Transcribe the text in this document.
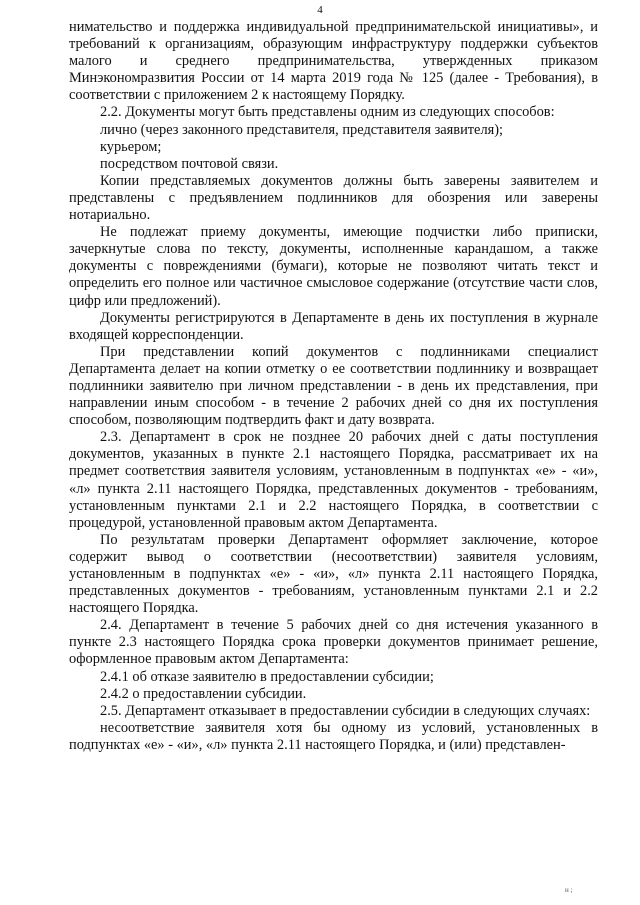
4

нимательство и поддержка индивидуальной предпринимательской инициативы», и требований к организациям, образующим инфраструктуру поддержки субъектов малого и среднего предпринимательства, утвержденных приказом Минэкономразвития России от 14 марта 2019 года № 125 (далее - Требования), в соответствии с приложением 2 к настоящему Порядку.

2.2. Документы могут быть представлены одним из следующих способов:

лично (через законного представителя, представителя заявителя);

курьером;

посредством почтовой связи.

Копии представляемых документов должны быть заверены заявителем и представлены с предъявлением подлинников для обозрения или заверены нотариально.

Не подлежат приему документы, имеющие подчистки либо приписки, зачеркнутые слова по тексту, документы, исполненные карандашом, а также документы с повреждениями (бумаги), которые не позволяют читать текст и определить его полное или частичное смысловое содержание (отсутствие части слов, цифр или предложений).

Документы регистрируются в Департаменте в день их поступления в журнале входящей корреспонденции.

При представлении копий документов с подлинниками специалист Департамента делает на копии отметку о ее соответствии подлиннику и возвращает подлинники заявителю при личном представлении - в день их представления, при направлении иным способом - в течение 2 рабочих дней со дня их поступления способом, позволяющим подтвердить факт и дату возврата.

2.3. Департамент в срок не позднее 20 рабочих дней с даты поступления документов, указанных в пункте 2.1 настоящего Порядка, рассматривает их на предмет соответствия заявителя условиям, установленным в подпунктах «е» - «и», «л» пункта 2.11 настоящего Порядка, представленных документов - требованиям, установленным пунктами 2.1 и 2.2 настоящего Порядка, в соответствии с процедурой, установленной правовым актом Департамента.

По результатам проверки Департамент оформляет заключение, которое содержит вывод о соответствии (несоответствии) заявителя условиям, установленным в подпунктах «е» - «и», «л» пункта 2.11 настоящего Порядка, представленных документов - требованиям, установленным пунктами 2.1 и 2.2 настоящего Порядка.

2.4. Департамент в течение 5 рабочих дней со дня истечения указанного в пункте 2.3 настоящего Порядка срока проверки документов принимает решение, оформленное правовым актом Департамента:

2.4.1 об отказе заявителю в предоставлении субсидии;

2.4.2 о предоставлении субсидии.

2.5. Департамент отказывает в предоставлении субсидии в следующих случаях:

несоответствие заявителя хотя бы одному из условий, установленных в подпунктах «е» - «и», «л» пункта 2.11 настоящего Порядка, и (или) представлен-

н ;
